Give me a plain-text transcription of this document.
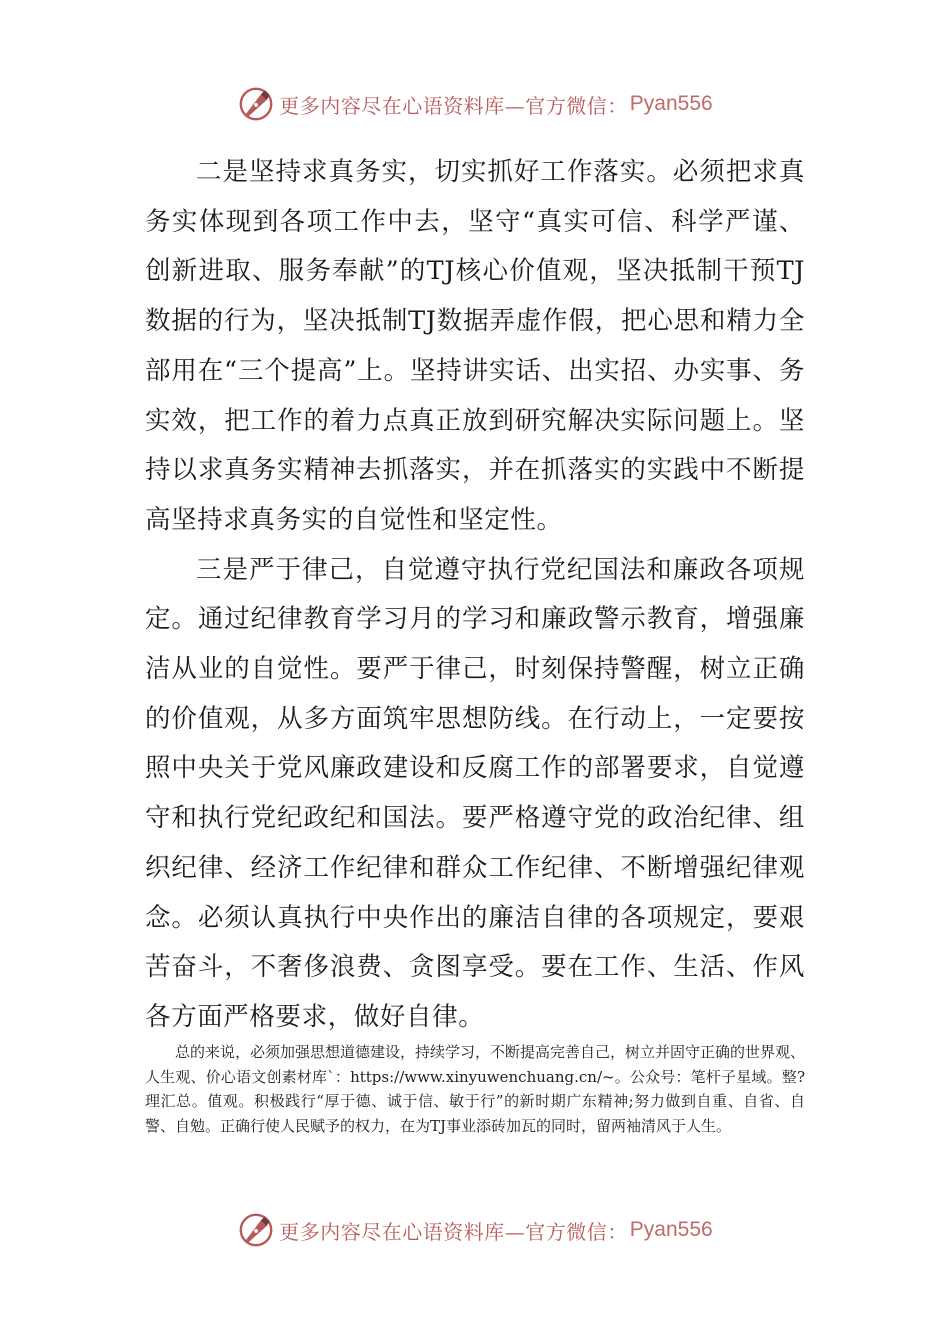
更多内容尽在心语资料库—官方微信： Pyan556

二是坚持求真务实，切实抓好工作落实。必须把求真务实体现到各项工作中去，坚守“真实可信、科学严谨、创新进取、服务奉献”的TJ核心价值观，坚决抵制干预TJ数据的行为，坚决抵制TJ数据弄虚作假，把心思和精力全部用在“三个提高”上。坚持讲实话、出实招、办实事、务实效，把工作的着力点真正放到研究解决实际问题上。坚持以求真务实精神去抓落实，并在抓落实的实践中不断提高坚持求真务实的自觉性和坚定性。

三是严于律己，自觉遵守执行党纪国法和廉政各项规定。通过纪律教育学习月的学习和廉政警示教育，增强廉洁从业的自觉性。要严于律己，时刻保持警醒，树立正确的价值观，从多方面筑牢思想防线。在行动上，一定要按照中央关于党风廉政建设和反腐工作的部署要求，自觉遵守和执行党纪政纪和国法。要严格遵守党的政治纪律、组织纪律、经济工作纪律和群众工作纪律、不断增强纪律观念。必须认真执行中央作出的廉洁自律的各项规定，要艰苦奋斗，不奢侈浪费、贪图享受。要在工作、生活、作风各方面严格要求，做好自律。

总的来说，必须加强思想道德建设，持续学习，不断提高完善自己，树立并固守正确的世界观、人生观、价心语文创素材库`：https://www.xinyuwenchuang.cn/~。公众号：笔杆子星域。整?理汇总。值观。积极践行“厚于德、诚于信、敏于行”的新时期广东精神;努力做到自重、自省、自警、自勉。正确行使人民赋予的权力，在为TJ事业添砖加瓦的同时，留两袖清风于人生。

更多内容尽在心语资料库—官方微信： Pyan556
